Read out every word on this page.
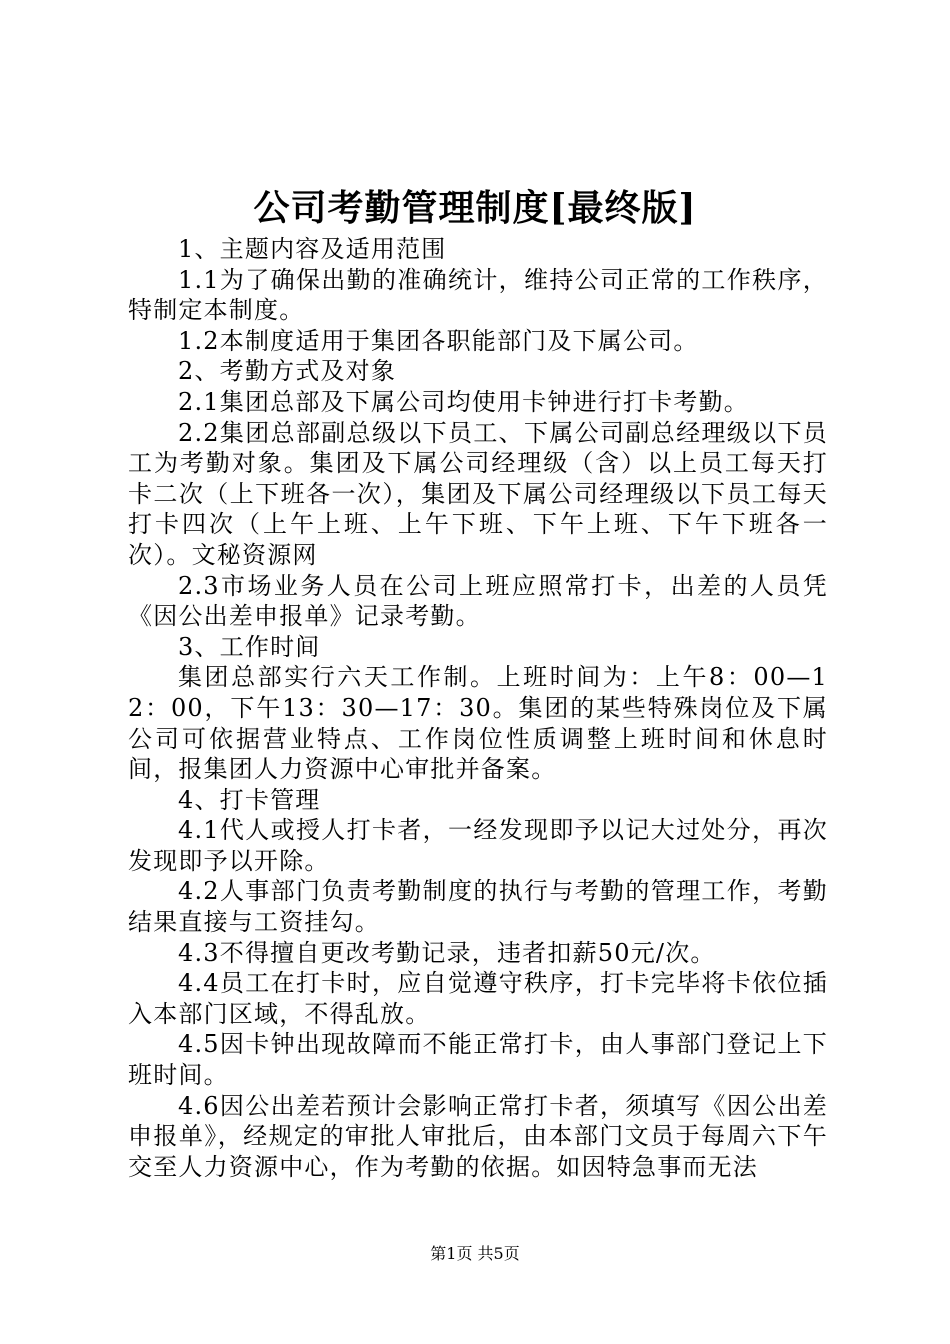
公司考勤管理制度[最终版]

1、主题内容及适用范围

1.1为了确保出勤的准确统计，维持公司正常的工作秩序，特制定本制度。

1.2本制度适用于集团各职能部门及下属公司。

2、考勤方式及对象

2.1集团总部及下属公司均使用卡钟进行打卡考勤。

2.2集团总部副总级以下员工、下属公司副总经理级以下员工为考勤对象。集团及下属公司经理级（含）以上员工每天打卡二次（上下班各一次），集团及下属公司经理级以下员工每天打卡四次（上午上班、上午下班、下午上班、下午下班各一次）。文秘资源网

2.3市场业务人员在公司上班应照常打卡，出差的人员凭《因公出差申报单》记录考勤。

3、工作时间

集团总部实行六天工作制。上班时间为：上午8：00—12：00，下午13：30—17：30。集团的某些特殊岗位及下属公司可依据营业特点、工作岗位性质调整上班时间和休息时间，报集团人力资源中心审批并备案。

4、打卡管理

4.1代人或授人打卡者，一经发现即予以记大过处分，再次发现即予以开除。

4.2人事部门负责考勤制度的执行与考勤的管理工作，考勤结果直接与工资挂勾。

4.3不得擅自更改考勤记录，违者扣薪50元/次。

4.4员工在打卡时，应自觉遵守秩序，打卡完毕将卡依位插入本部门区域，不得乱放。

4.5因卡钟出现故障而不能正常打卡，由人事部门登记上下班时间。

4.6因公出差若预计会影响正常打卡者，须填写《因公出差申报单》，经规定的审批人审批后，由本部门文员于每周六下午交至人力资源中心，作为考勤的依据。如因特急事而无法

第1页 共5页
